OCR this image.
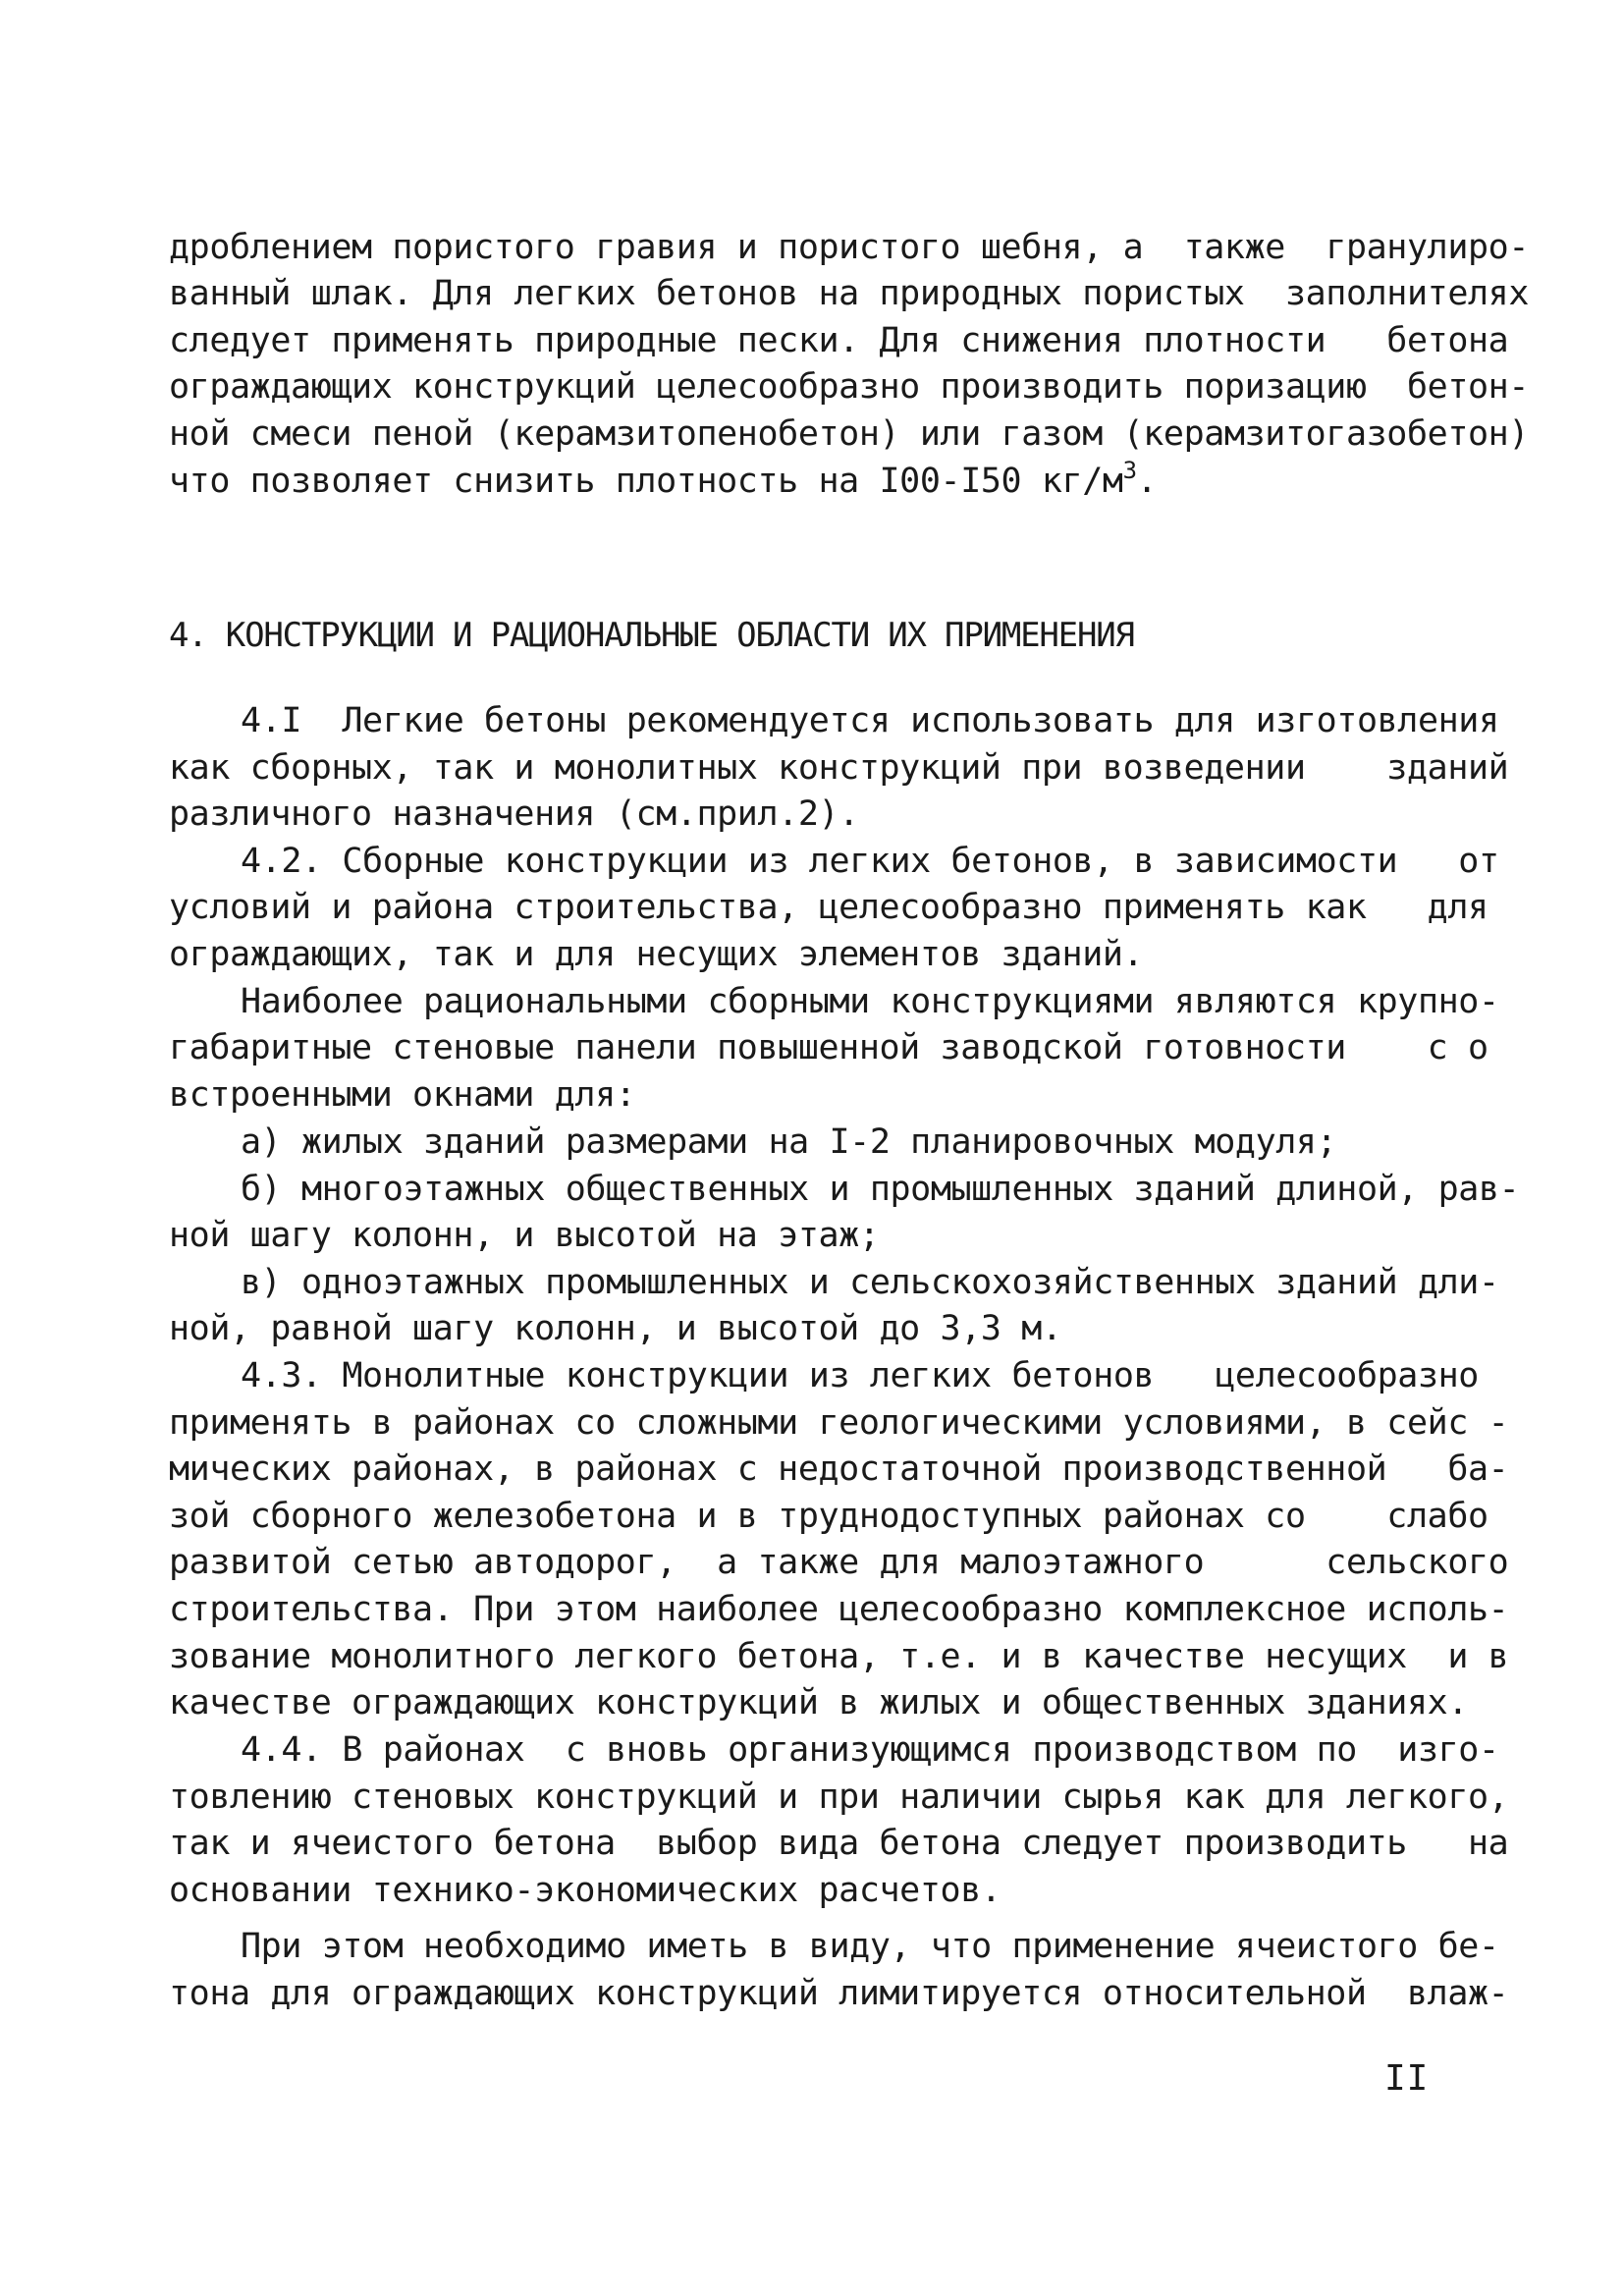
дроблением пористого гравия и пористого шебня, а  также  гранулиро-
ванный шлак. Для легких бетонов на природных пористых  заполнителях
следует применять природные пески. Для снижения плотности   бетона
ограждающих конструкций целесообразно производить поризацию  бетон-
ной смеси пеной (керамзитопенобетон) или газом (керамзитогазобетон)
что позволяет снизить плотность на I00-I50 $кг/м^3$.
4. КОНСТРУКЦИИ И РАЦИОНАЛЬНЫЕ ОБЛАСТИ ИХ ПРИМЕНЕНИЯ
4.I  Легкие бетоны рекомендуется использовать для изготовления
как сборных, так и монолитных конструкций при возведении    зданий
различного назначения (см.прил.2).
4.2. Сборные конструкции из легких бетонов, в зависимости   от
условий и района строительства, целесообразно применять как   для
ограждающих, так и для несущих элементов зданий.
Наиболее рациональными сборными конструкциями являются крупно-
габаритные стеновые панели повышенной заводской готовности    с о
встроенными окнами для:
а) жилых зданий размерами на I-2 планировочных модуля;
б) многоэтажных общественных и промышленных зданий длиной, рав-
ной шагу колонн, и высотой на этаж;
в) одноэтажных промышленных и сельскохозяйственных зданий дли-
ной, равной шагу колонн, и высотой до 3,3 м.
4.3. Монолитные конструкции из легких бетонов   целесообразно
применять в районах со сложными геологическими условиями, в сейс -
мических районах, в районах с недостаточной производственной   ба-
зой сборного железобетона и в труднодоступных районах со    слабо
развитой сетью автодорог,  а также для малоэтажного      сельского
строительства. При этом наиболее целесообразно комплексное исполь-
зование монолитного легкого бетона, т.е. и в качестве несущих  и в
качестве ограждающих конструкций в жилых и общественных зданиях.
4.4. В районах  с вновь организующимся производством по  изго-
товлению стеновых конструкций и при наличии сырья как для легкого,
так и ячеистого бетона  выбор вида бетона следует производить   на
основании технико-экономических расчетов.
При этом необходимо иметь в виду, что применение ячеистого бе-
тона для ограждающих конструкций лимитируется относительной  влаж-
II
